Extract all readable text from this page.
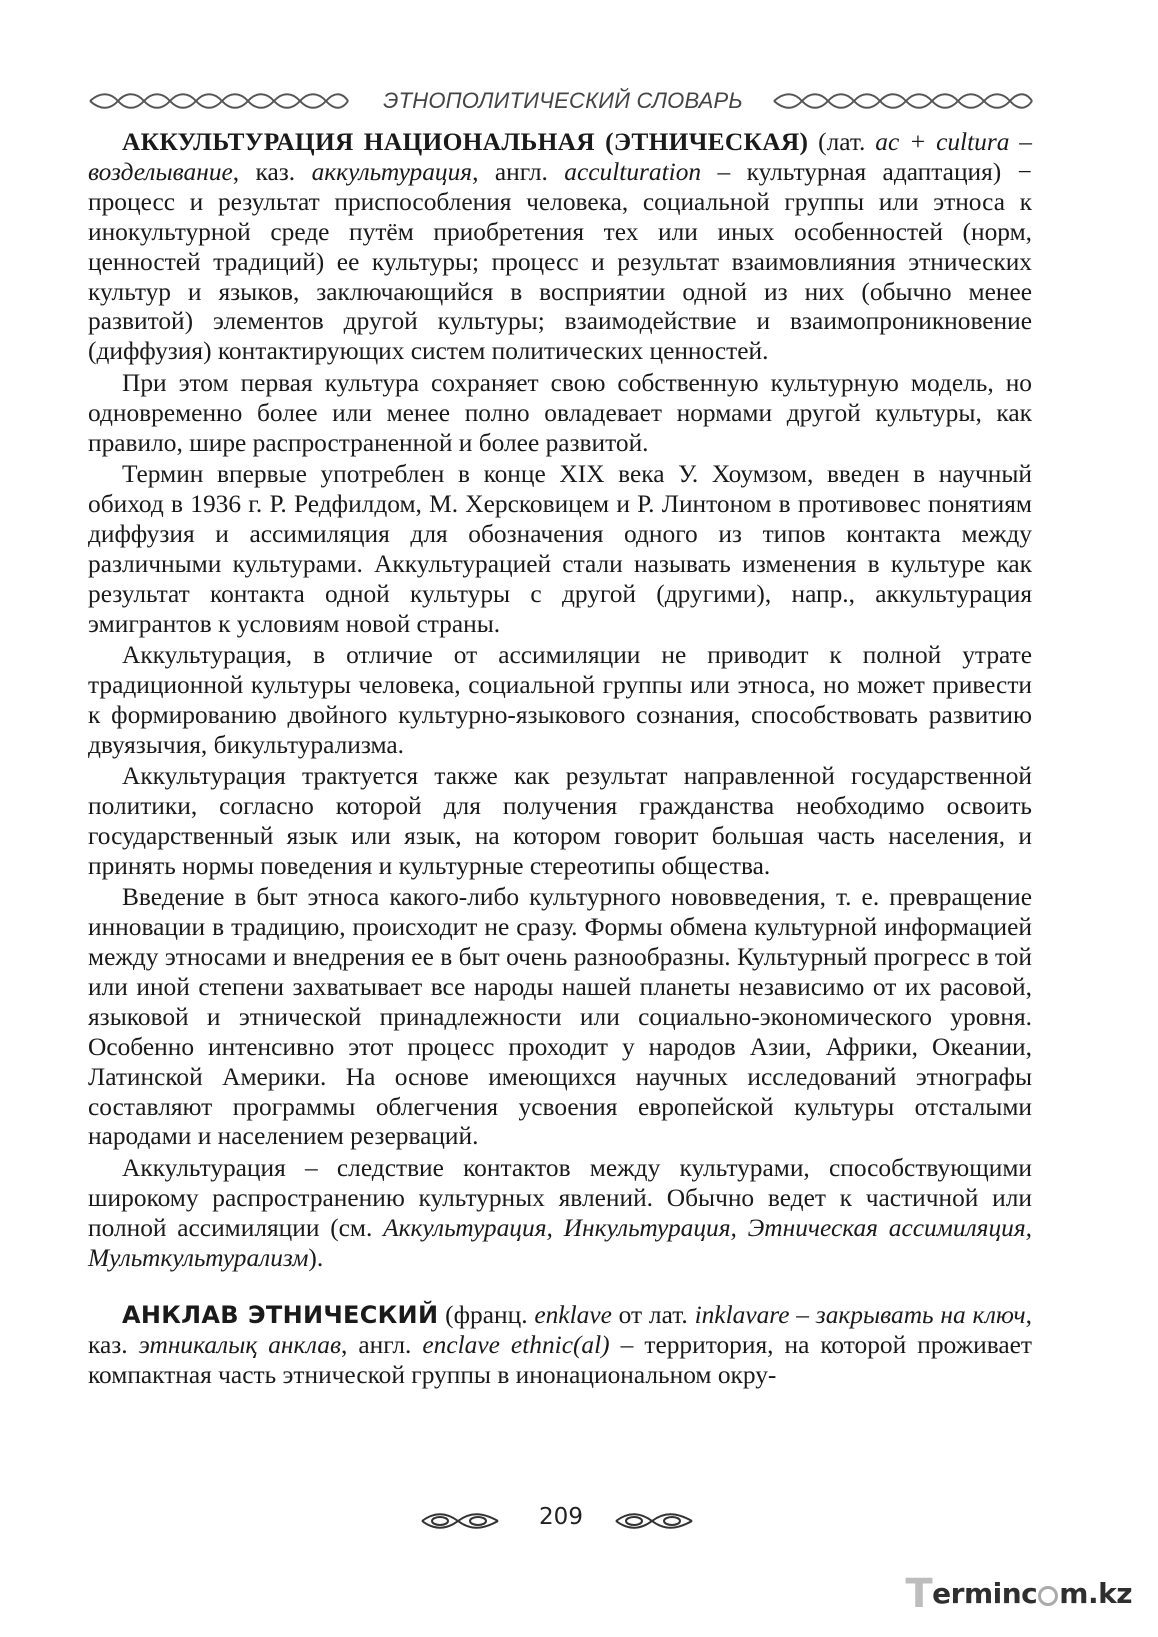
ЭТНОПОЛИТИЧЕСКИЙ СЛОВАРЬ

АККУЛЬТУРАЦИЯ НАЦИОНАЛЬНАЯ (ЭТНИЧЕСКАЯ) (лат. ac + cultura – возделывание, каз. аккультурация, англ. acculturation – культурная адаптация) − процесс и результат приспособления человека, социальной группы или этноса к инокультурной среде путём приобретения тех или иных особенностей (норм, ценностей традиций) ее культуры; процесс и результат взаимовлияния этнических культур и языков, заключающийся в восприятии одной из них (обычно менее развитой) элементов другой культуры; взаимодействие и взаимопроникновение (диффузия) контактирующих систем политических ценностей.

При этом первая культура сохраняет свою собственную культурную модель, но одновременно более или менее полно овладевает нормами другой культуры, как правило, шире распространенной и более развитой.

Термин впервые употреблен в конце XIX века У. Хоумзом, введен в научный обиход в 1936 г. Р. Редфилдом, М. Херсковицем и Р. Линтоном в противовес понятиям диффузия и ассимиляция для обозначения одного из типов контакта между различными культурами. Аккультурацией стали называть изменения в культуре как результат контакта одной культуры с другой (другими), напр., аккультурация эмигрантов к условиям новой страны.

Аккультурация, в отличие от ассимиляции не приводит к полной утрате традиционной культуры человека, социальной группы или этноса, но может привести к формированию двойного культурно-языкового сознания, способствовать развитию двуязычия, бикультурализма.

Аккультурация трактуется также как результат направленной государственной политики, согласно которой для получения гражданства необходимо освоить государственный язык или язык, на котором говорит большая часть населения, и принять нормы поведения и культурные стереотипы общества.

Введение в быт этноса какого-либо культурного нововведения, т. е. превращение инновации в традицию, происходит не сразу. Формы обмена культурной информацией между этносами и внедрения ее в быт очень разнообразны. Культурный прогресс в той или иной степени захватывает все народы нашей планеты независимо от их расовой, языковой и этнической принадлежности или социально-экономического уровня. Особенно интенсивно этот процесс проходит у народов Азии, Африки, Океании, Латинской Америки. На основе имеющихся научных исследований этнографы составляют программы облегчения усвоения европейской культуры отсталыми народами и населением резерваций.

Аккультурация – следствие контактов между культурами, способствующими широкому распространению культурных явлений. Обычно ведет к частичной или полной ассимиляции (см. Аккультурация, Инкультурация, Этническая ассимиляция, Мульткультурализм).

АНКЛАВ ЭТНИЧЕСКИЙ (франц. enklave от лат. inklavare – закрывать на ключ, каз. этникалық анклав, англ. enclave ethnic(al) – территория, на которой проживает компактная часть этнической группы в инонациональном окру-

209
Terminc m.kz
